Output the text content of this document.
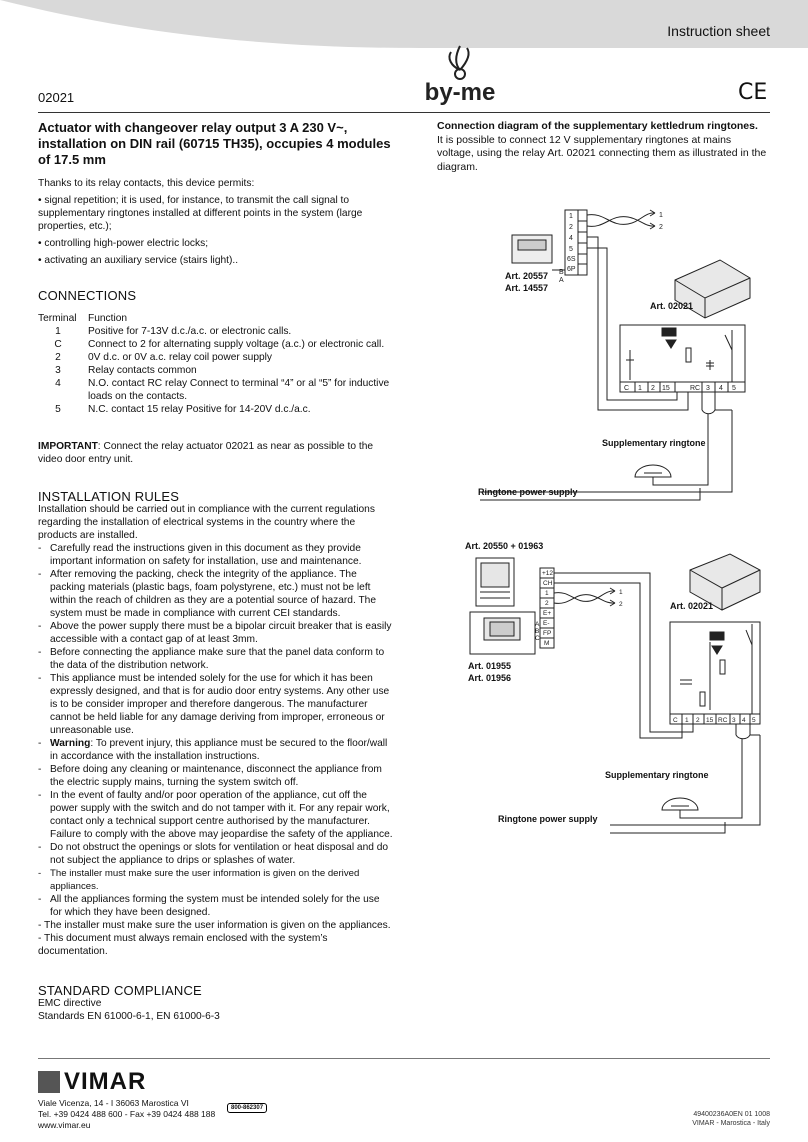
Instruction sheet
02021	by-me	CE

Actuator with changeover relay output 3 A 230 V~, installation on DIN rail (60715 TH35), occupies 4 modules of 17.5 mm

Thanks to its relay contacts, this device permits:

• signal repetition; it is used, for instance, to transmit the call signal to supplementary ringtones installed at different points in the system (large properties, etc.);

• controlling high-power electric locks;

• activating an auxiliary service (stairs light)..

CONNECTIONS
Terminal	Function
1	Positive for 7-13V d.c./a.c. or electronic calls.
C	Connect to 2 for alternating supply voltage (a.c.) or electronic call.
2	0V d.c. or 0V a.c. relay coil power supply
3	Relay contacts common
4	N.O. contact RC relay Connect to terminal “4” or al “5” for inductive loads on the contacts.
5	N.C. contact 15 relay Positive for 14-20V d.c./a.c.

IMPORTANT: Connect the relay actuator 02021 as near as possible to the video door entry unit.

INSTALLATION RULES

Installation should be carried out in compliance with the current regulations regarding the installation of electrical systems in the country where the products are installed.

- Carefully read the instructions given in this document as they provide important information on safety for installation, use and maintenance.

- After removing the packing, check the integrity of the appliance. The packing materials (plastic bags, foam polystyrene, etc.) must not be left within the reach of children as they are a potential source of hazard. The system must be made in compliance with current CEI standards.

- Above the power supply there must be a bipolar circuit breaker that is easily accessible with a contact gap of at least 3mm.

- Before connecting the appliance make sure that the panel data conform to the data of the distribution network.

- This appliance must be intended solely for the use for which it has been expressly designed, and that is for audio door entry systems. Any other use is to be consider improper and therefore dangerous. The manufacturer cannot be held liable for any damage deriving from improper, erroneous or unreasonable use.

- Warning: To prevent injury, this appliance must be secured to the floor/wall in accordance with the installation instructions.

- Before doing any cleaning or maintenance, disconnect the appliance from the electric supply mains, turning the system switch off.

- In the event of faulty and/or poor operation of the appliance, cut off the power supply with the switch and do not tamper with it. For any repair work, contact only a technical support centre authorised by the manufacturer. Failure to comply with the above may jeopardise the safety of the appliance.

- Do not obstruct the openings or slots for ventilation or heat disposal and do not subject the appliance to drips or splashes of water.

- The installer must make sure the user information is given on the derived appliances.

- All the appliances forming the system must be intended solely for the use for which they have been designed.

- The installer must make sure the user information is given on the appliances.

- This document must always remain enclosed with the system’s documentation.

STANDARD COMPLIANCE

EMC directive

Standards EN 61000-6-1, EN 61000-6-3

Connection diagram of the supplementary kettledrum ringtones.
It is possible to connect 12 V supplementary ringtones at mains voltage, using the relay Art. 02021 connecting them as illustrated in the diagram.
1
2
4
5
6S
6P
B
A
1
2
C 1 2 15	RC 3 4 5
Art. 20557
Art. 14557
Art. 02021
Supplementary ringtone
Ringtone power supply
+12
CH
1
2
E+
E-
FP
M
A
B
C
1
2
C 1 2 15 RC 3 4 5
Art. 20550 + 01963
Art. 01955
Art. 01956
Art. 02021
Supplementary ringtone
Ringtone power supply
VIMAR
Viale Vicenza, 14 - I 36063 Marostica VI
Tel. +39 0424 488 600 - Fax +39 0424 488 188
www.vimar.eu
800-862307
49400236A0EN 01 1008
VIMAR - Marostica - Italy
